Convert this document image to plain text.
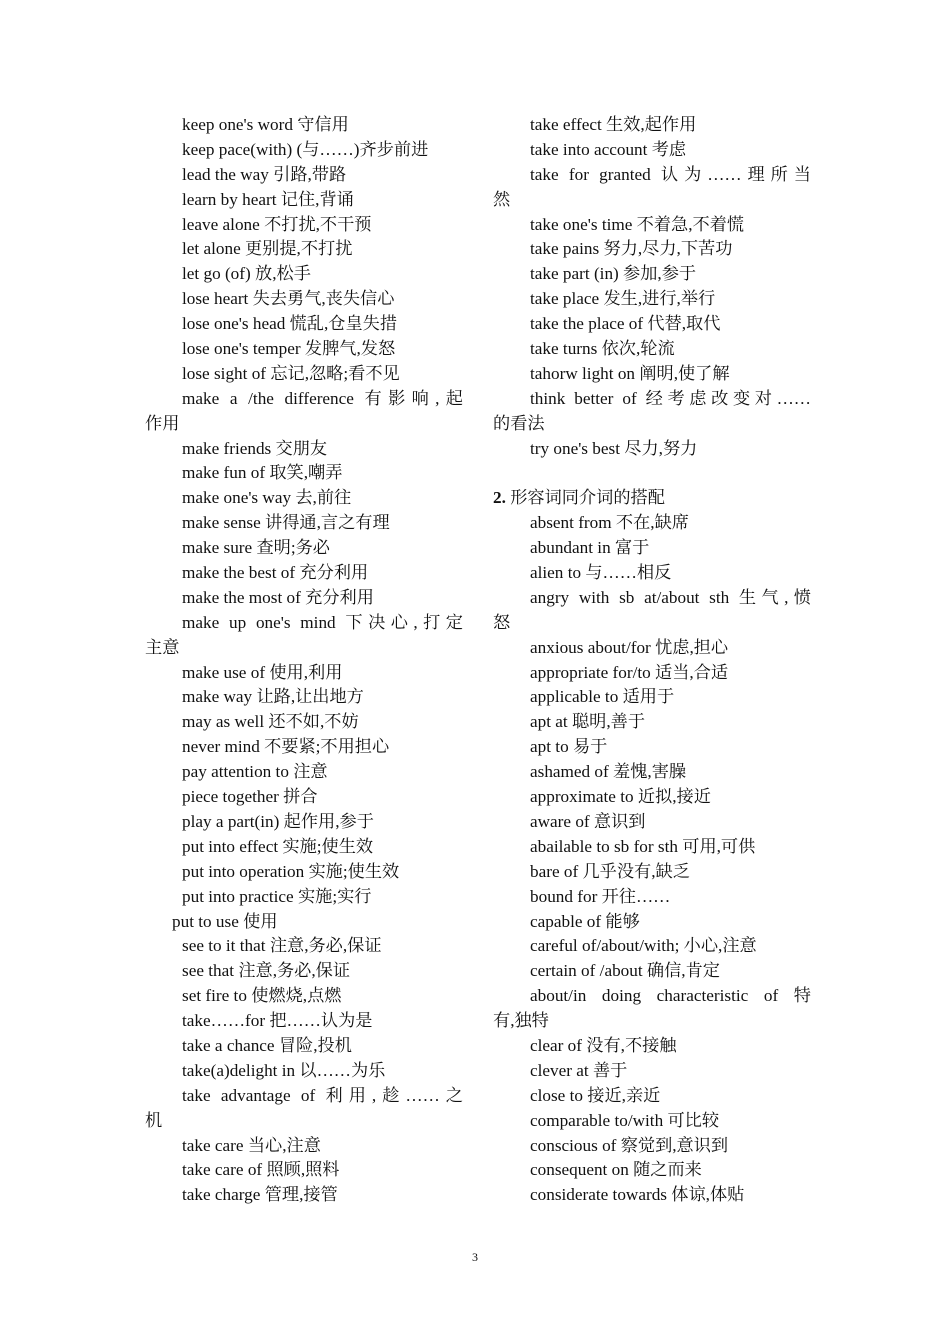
keep one's word 守信用
keep pace(with) (与……)齐步前进
lead the way 引路,带路
learn by heart 记住,背诵
leave alone 不打扰,不干预
let alone 更别提,不打扰
let go (of) 放,松手
lose heart 失去勇气,丧失信心
lose one's head 慌乱,仓皇失措
lose one's temper 发脾气,发怒
lose sight of 忘记,忽略;看不见
make a /the difference 有影响,起
作用
make friends 交朋友
make fun of 取笑,嘲弄
make one's way 去,前往
make sense 讲得通,言之有理
make sure 查明;务必
make the best of 充分利用
make the most of 充分利用
make up one's mind 下决心,打定
主意
make use of 使用,利用
make way 让路,让出地方
may as well 还不如,不妨
never mind 不要紧;不用担心
pay attention to 注意
piece together 拼合
play a part(in) 起作用,参于
put into effect 实施;使生效
put into operation 实施;使生效
put into practice 实施;实行
put to use 使用
see to it that 注意,务必,保证
see that 注意,务必,保证
set fire to 使燃烧,点燃
take……for 把……认为是
take a chance 冒险,投机
take(a)delight in 以……为乐
take advantage of 利用,趁……之
机
take care 当心,注意
take care of 照顾,照料
take charge 管理,接管
take effect 生效,起作用
take into account 考虑
take for granted 认为……理所当
然
take one's time 不着急,不着慌
take pains 努力,尽力,下苦功
take part (in) 参加,参于
take place 发生,进行,举行
take the place of 代替,取代
take turns 依次,轮流
tahorw light on 阐明,使了解
think better of 经考虑改变对……
的看法
try one's best 尽力,努力
2. 形容词同介词的搭配
absent from 不在,缺席
abundant in 富于
alien to 与……相反
angry with sb at/about sth 生气,愤
怒
anxious about/for 忧虑,担心
appropriate for/to 适当,合适
applicable to 适用于
apt at 聪明,善于
apt to 易于
ashamed of 羞愧,害臊
approximate to 近拟,接近
aware of 意识到
abailable to sb for sth 可用,可供
bare of 几乎没有,缺乏
bound for 开往……
capable of 能够
careful of/about/with; 小心,注意
certain of /about 确信,肯定
about/in doing characteristic of 特
有,独特
clear of 没有,不接触
clever at 善于
close to 接近,亲近
comparable to/with 可比较
conscious of 察觉到,意识到
consequent on 随之而来
considerate towards 体谅,体贴
3
